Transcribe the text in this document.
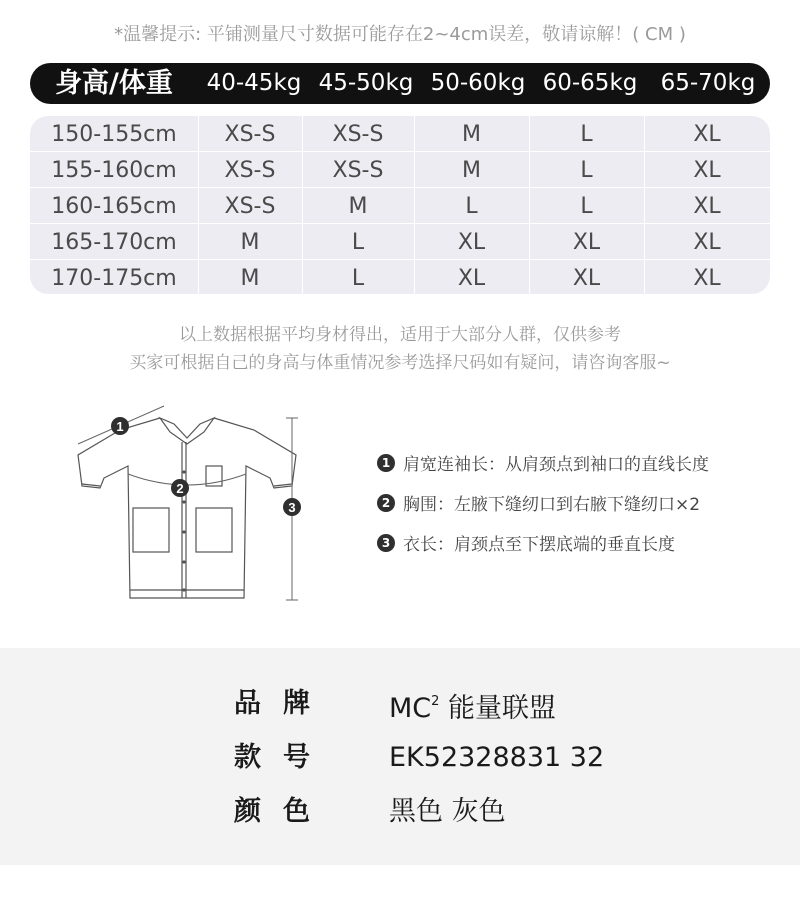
*温馨提示: 平铺测量尺寸数据可能存在2~4cm误差，敬请谅解！( CM )
身高/体重	40-45kg 45-50kg 50-60kg 60-65kg	65-70kg
150-155cm	XS-S	XS-S	M	L	XL
155-160cm	XS-S	XS-S	M	L	XL
160-165cm	XS-S	M	L	L	XL
165-170cm	M	L	XL	XL	XL
170-175cm	M	L	XL	XL	XL
以上数据根据平均身材得出，适用于大部分人群，仅供参考
买家可根据自己的身高与体重情况参考选择尺码如有疑问，请咨询客服~
1
2
3
1 肩宽连袖长：从肩颈点到袖口的直线长度
2 胸围：左腋下缝纫口到右腋下缝纫口×2
3 衣长：肩颈点至下摆底端的垂直长度
品牌 $MC^2$ 能量联盟
款号 EK52328831 32
颜色 黑色 灰色
